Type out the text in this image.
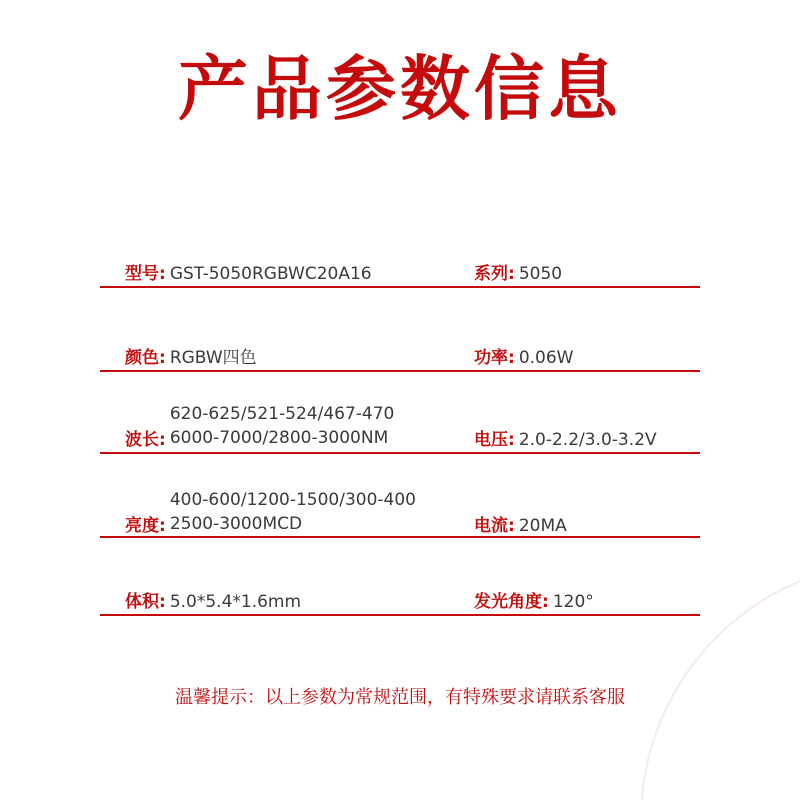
产品参数信息
型号: GST-5050RGBWC20A16	系列: 5050
颜色: RGBW四色	功率: 0.06W
波长:
620-625/521-524/467-470
6000-7000/2800-3000NM	电压: 2.0-2.2/3.0-3.2V
亮度:
400-600/1200-1500/300-400
2500-3000MCD	电流: 20MA
体积: 5.0*5.4*1.6mm	发光角度: 120°
温馨提示：以上参数为常规范围，有特殊要求请联系客服
